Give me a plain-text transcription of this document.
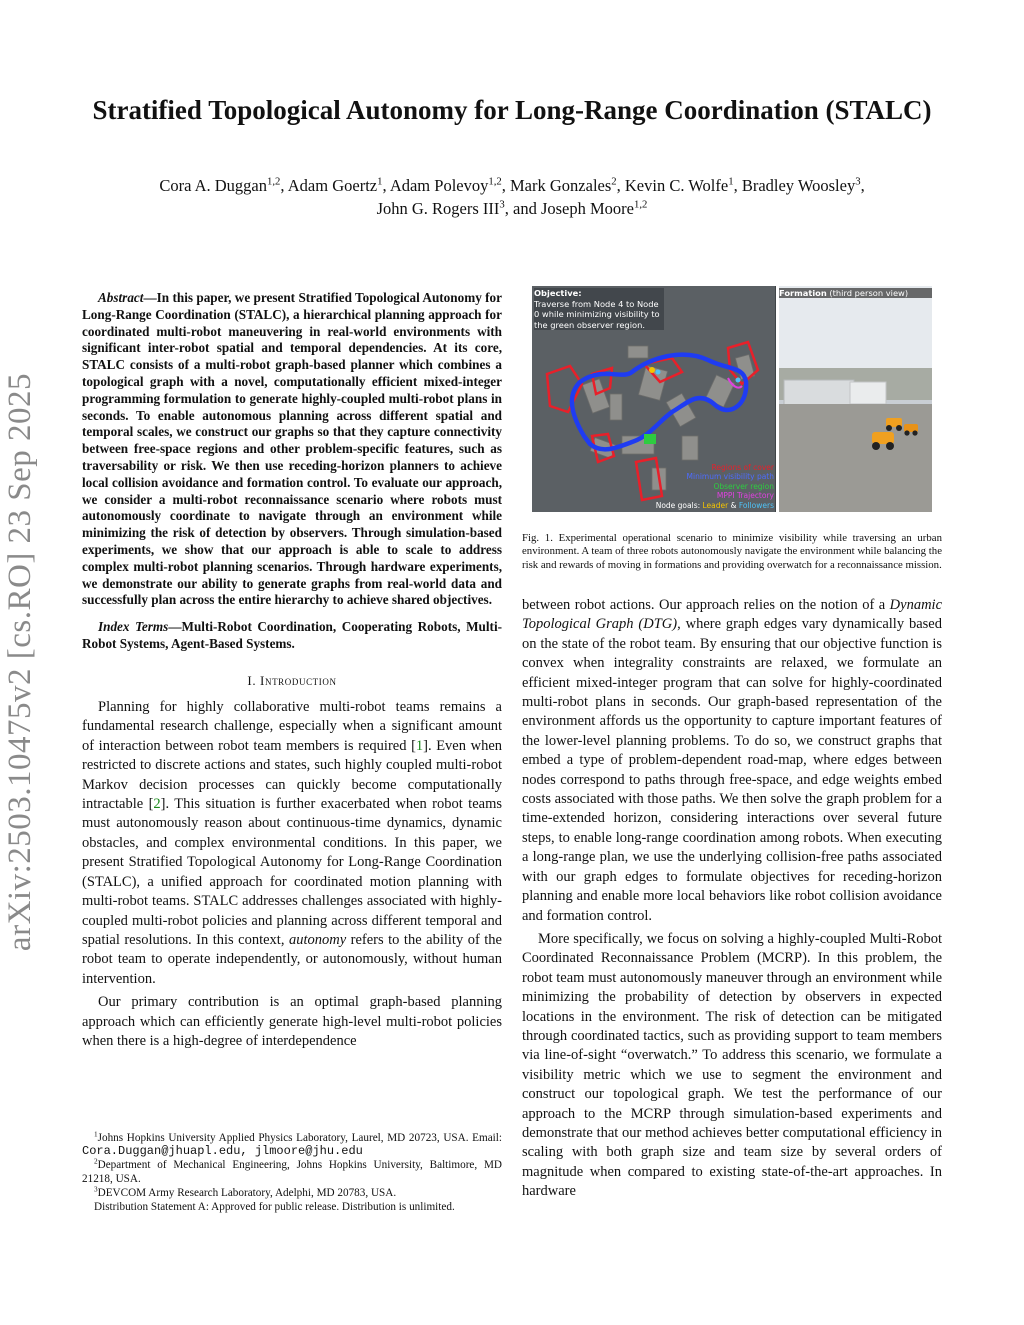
arXiv:2503.10475v2 [cs.RO] 23 Sep 2025
Stratified Topological Autonomy for Long-Range Coordination (STALC)
Cora A. Duggan$^{1,2}$, Adam Goertz$^1$, Adam Polevoy$^{1,2}$, Mark Gonzales$^2$, Kevin C. Wolfe$^1$, Bradley Woosley$^3$,
John G. Rogers III$^3$, and Joseph Moore$^{1,2}$

Abstract—In this paper, we present Stratified Topological Autonomy for Long-Range Coordination (STALC), a hierarchical planning approach for coordinated multi-robot maneuvering in real-world environments with significant inter-robot spatial and temporal dependencies. At its core, STALC consists of a multi-robot graph-based planner which combines a topological graph with a novel, computationally efficient mixed-integer programming formulation to generate highly-coupled multi-robot plans in seconds. To enable autonomous planning across different spatial and temporal scales, we construct our graphs so that they capture connectivity between free-space regions and other problem-specific features, such as traversability or risk. We then use receding-horizon planners to achieve local collision avoidance and formation control. To evaluate our approach, we consider a multi-robot reconnaissance scenario where robots must autonomously coordinate to navigate through an environment while minimizing the risk of detection by observers. Through simulation-based experiments, we show that our approach is able to scale to address complex multi-robot planning scenarios. Through hardware experiments, we demonstrate our ability to generate graphs from real-world data and successfully plan across the entire hierarchy to achieve shared objectives.

Index Terms—Multi-Robot Coordination, Cooperating Robots, Multi-Robot Systems, Agent-Based Systems.

I. Introduction

Planning for highly collaborative multi-robot teams remains a fundamental research challenge, especially when a significant amount of interaction between robot team members is required [1]. Even when restricted to discrete actions and states, such highly coupled multi-robot Markov decision processes can quickly become computationally intractable [2]. This situation is further exacerbated when robot teams must autonomously reason about continuous-time dynamics, dynamic obstacles, and complex environmental conditions. In this paper, we present Stratified Topological Autonomy for Long-Range Coordination (STALC), a unified approach for coordinated motion planning with multi-robot teams. STALC addresses challenges associated with highly-coupled multi-robot policies and planning across different temporal and spatial resolutions. In this context, autonomy refers to the ability of the robot team to operate independently, or autonomously, without human intervention.

Our primary contribution is an optimal graph-based planning approach which can efficiently generate high-level multi-robot policies when there is a high-degree of interdependence

$^1$Johns Hopkins University Applied Physics Laboratory, Laurel, MD 20723, USA. Email: Cora.Duggan@jhuapl.edu, jlmoore@jhu.edu

$^2$Department of Mechanical Engineering, Johns Hopkins University, Baltimore, MD 21218, USA.

$^3$DEVCOM Army Research Laboratory, Adelphi, MD 20783, USA.

Distribution Statement A: Approved for public release. Distribution is unlimited.

Objective:
Traverse from Node 4 to Node 0 while minimizing visibility to the green observer region.
Formation (third person view)
Regions of cover
Minimum visibility path
Observer region
MPPI Trajectory
Node goals: Leader & Followers
Fig. 1. Experimental operational scenario to minimize visibility while traversing an urban environment. A team of three robots autonomously navigate the environment while balancing the risk and rewards of moving in formations and providing overwatch for a reconnaissance mission.

between robot actions. Our approach relies on the notion of a Dynamic Topological Graph (DTG), where graph edges vary dynamically based on the state of the robot team. By ensuring that our objective function is convex when integrality constraints are relaxed, we formulate an efficient mixed-integer program that can solve for highly-coordinated multi-robot plans in seconds. Our graph-based representation of the environment affords us the opportunity to capture important features of the lower-level planning problems. To do so, we construct graphs that embed a type of problem-dependent road-map, where edges between nodes correspond to paths through free-space, and edge weights embed costs associated with those paths. We then solve the graph problem for a time-extended horizon, considering interactions over several future steps, to enable long-range coordination among robots. When executing a long-range plan, we use the underlying collision-free paths associated with our graph edges to formulate objectives for receding-horizon planning and enable more local behaviors like robot collision avoidance and formation control.

More specifically, we focus on solving a highly-coupled Multi-Robot Coordinated Reconnaissance Problem (MCRP). In this problem, the robot team must autonomously maneuver through an environment while minimizing the probability of detection by observers in expected locations in the environment. The risk of detection can be mitigated through coordinated tactics, such as providing support to team members via line-of-sight “overwatch.” To address this scenario, we formulate a visibility metric which we use to segment the environment and construct our topological graph. We test the performance of our approach to the MCRP through simulation-based experiments and demonstrate that our method achieves better computational efficiency in scaling with both graph size and team size by several orders of magnitude when compared to existing state-of-the-art approaches. In hardware
